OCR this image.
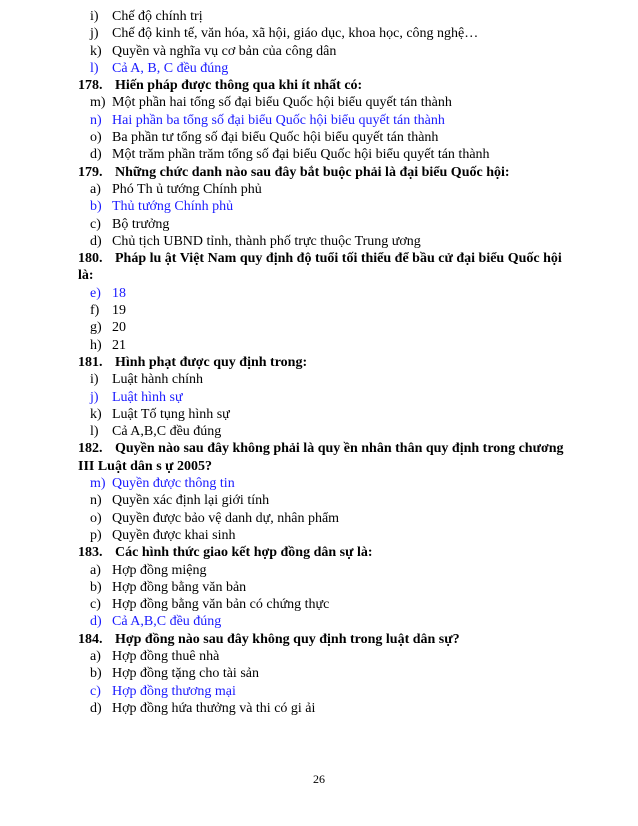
i) Chế độ chính trị
j) Chế độ kinh tế, văn hóa, xã hội, giáo dục, khoa học, công nghệ…
k) Quyền và nghĩa vụ cơ bản của công dân
l) Cả A, B, C đều đúng
178. Hiến pháp được thông qua khi ít nhất có:
m) Một phần hai tổng số đại biểu Quốc hội biểu quyết tán thành
n) Hai phần ba tổng số đại biểu Quốc hội biểu quyết tán thành
o) Ba phần tư tổng số đại biểu Quốc hội biểu quyết tán thành
d) Một trăm phần trăm tổng số đại biểu Quốc hội biểu quyết tán thành
179. Những chức danh nào sau đây bắt buộc phải là đại biểu Quốc hội:
a) Phó Th ủ tướng Chính phủ
b) Thủ tướng Chính phủ
c) Bộ trưởng
d) Chủ tịch UBND tỉnh, thành phố trực thuộc Trung ương
180. Pháp lu ật Việt Nam quy định độ tuổi tối thiểu để bầu cử đại biểu Quốc hội là:
e) 18
f) 19
g) 20
h) 21
181. Hình phạt được quy định trong:
i) Luật hành chính
j) Luật hình sự
k) Luật Tố tụng hình sự
l) Cả A,B,C đều đúng
182. Quyền nào sau đây không phải là quy ền nhân thân quy định trong chương III Luật dân s ự 2005?
m) Quyền được thông tin
n) Quyền xác định lại giới tính
o) Quyền được bảo vệ danh dự, nhân phẩm
p) Quyền được khai sinh
183. Các hình thức giao kết hợp đồng dân sự là:
a) Hợp đồng miệng
b) Hợp đồng bằng văn bản
c) Hợp đồng bằng văn bản có chứng thực
d) Cả A,B,C đều đúng
184. Hợp đồng nào sau đây không quy định trong luật dân sự?
a) Hợp đồng thuê nhà
b) Hợp đồng tặng cho tài sản
c) Hợp đồng thương mại
d) Hợp đồng hứa thưởng và thi có gi ải
26
